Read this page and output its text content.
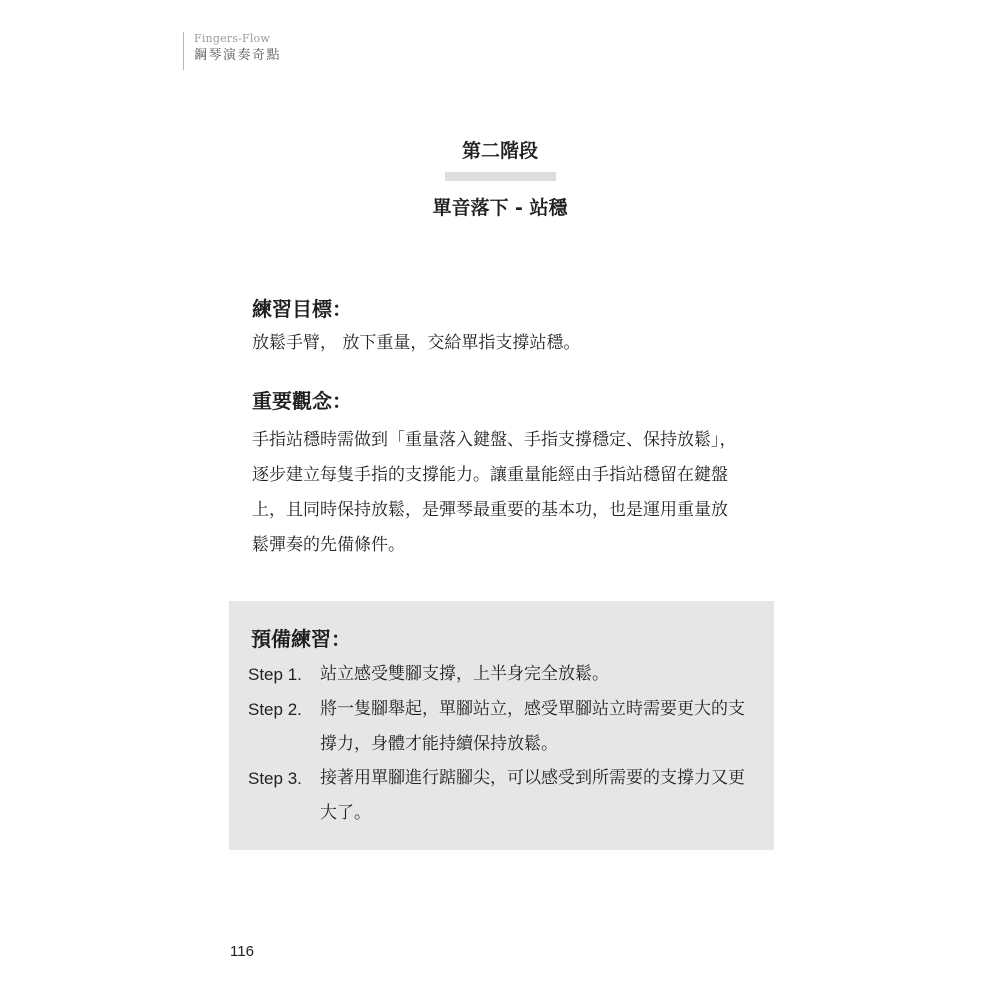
Fingers-Flow
鋼琴演奏奇點
第二階段
單音落下 - 站穩
練習目標：
放鬆手臂， 放下重量，交給單指支撐站穩。
重要觀念：
手指站穩時需做到「重量落入鍵盤、手指支撐穩定、保持放鬆」，
逐步建立每隻手指的支撐能力。讓重量能經由手指站穩留在鍵盤
上，且同時保持放鬆，是彈琴最重要的基本功，也是運用重量放
鬆彈奏的先備條件。
預備練習：
Step 1.	站立感受雙腳支撐，上半身完全放鬆。
Step 2.	將一隻腳舉起，單腳站立，感受單腳站立時需要更大的支
撐力，身體才能持續保持放鬆。
Step 3.	接著用單腳進行踮腳尖，可以感受到所需要的支撐力又更
大了。
116
